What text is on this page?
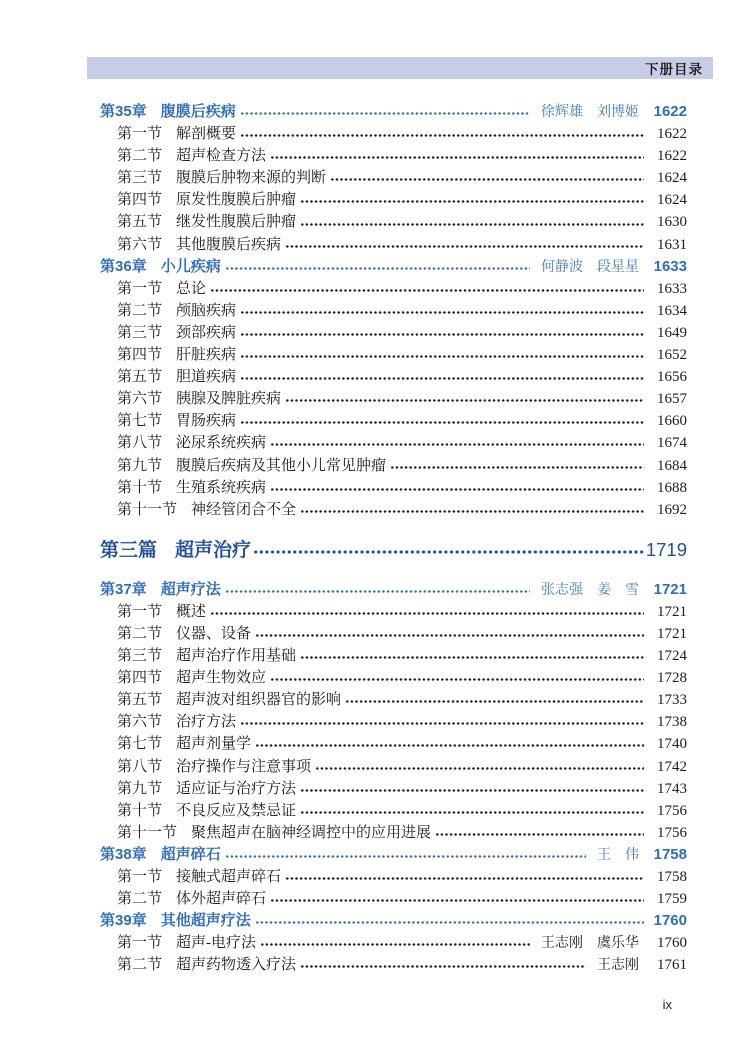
下册目录
第35章 腹膜后疾病	徐辉雄　刘博姬 1622
第一节 解剖概要	1622
第二节 超声检查方法	1622
第三节 腹膜后肿物来源的判断	1624
第四节 原发性腹膜后肿瘤	1624
第五节 继发性腹膜后肿瘤	1630
第六节 其他腹膜后疾病	1631
第36章 小儿疾病	何静波　段星星 1633
第一节 总论	1633
第二节 颅脑疾病	1634
第三节 颈部疾病	1649
第四节 肝脏疾病	1652
第五节 胆道疾病	1656
第六节 胰腺及脾脏疾病	1657
第七节 胃肠疾病	1660
第八节 泌尿系统疾病	1674
第九节 腹膜后疾病及其他小儿常见肿瘤	1684
第十节 生殖系统疾病	1688
第十一节 神经管闭合不全	1692
第三篇 超声治疗	1719
第37章 超声疗法	张志强　姜　雪 1721
第一节 概述	1721
第二节 仪器、设备	1721
第三节 超声治疗作用基础	1724
第四节 超声生物效应	1728
第五节 超声波对组织器官的影响	1733
第六节 治疗方法	1738
第七节 超声剂量学	1740
第八节 治疗操作与注意事项	1742
第九节 适应证与治疗方法	1743
第十节 不良反应及禁忌证	1756
第十一节 聚焦超声在脑神经调控中的应用进展	1756
第38章 超声碎石	王　伟 1758
第一节 接触式超声碎石	1758
第二节 体外超声碎石	1759
第39章 其他超声疗法	1760
第一节 超声-电疗法	王志刚　虞乐华 1760
第二节 超声药物透入疗法	王志刚 1761
ix
